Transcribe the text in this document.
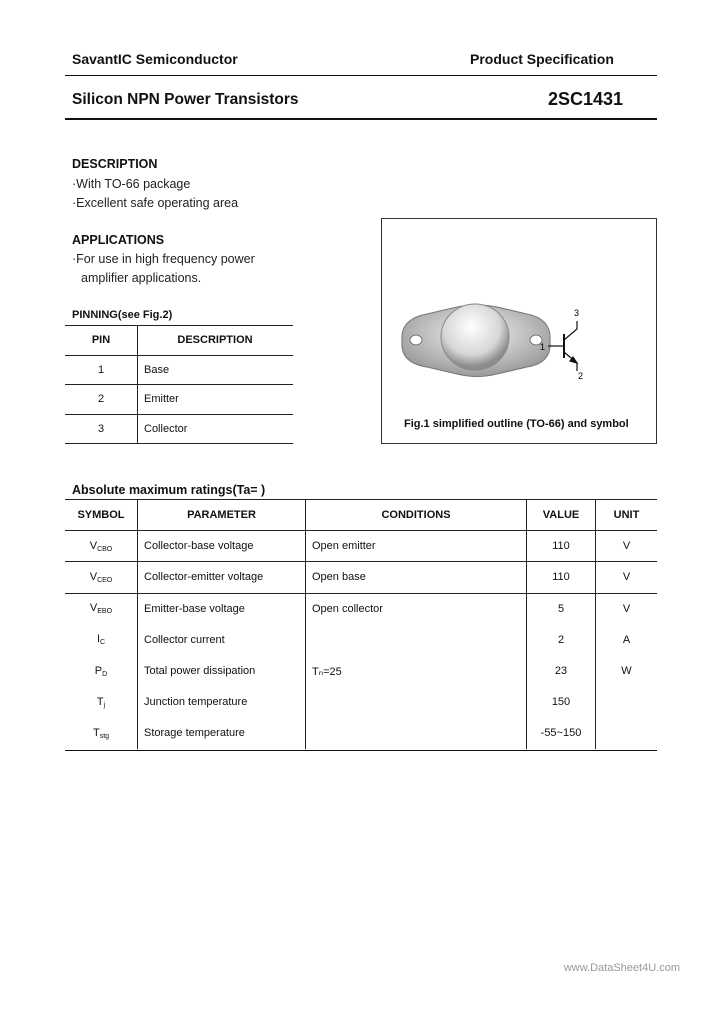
SavantIC Semiconductor	Product Specification
Silicon NPN Power Transistors	2SC1431
DESCRIPTION
·With TO-66 package
·Excellent safe operating area
APPLICATIONS
·For use in high frequency power
amplifier applications.
PINNING(see Fig.2)
PIN	DESCRIPTION
1	Base
2	Emitter
3	Collector
3
1
2
Fig.1 simplified outline (TO-66) and symbol
Absolute maximum ratings(Ta= )
SYMBOL	PARAMETER	CONDITIONS	VALUE	UNIT
$V_{CBO}$	Collector-base voltage	Open emitter	110	V
$V_{CEO}$	Collector-emitter voltage	Open base	110	V
$V_{EBO}$	Emitter-base voltage	Open collector	5	V
$I_C$	Collector current		2	A
$P_D$	Total power dissipation	Tₙ=25	23	W
$T_j$	Junction temperature		150	
$T_{stg}$	Storage temperature		-55~150	
www.DataSheet4U.com
